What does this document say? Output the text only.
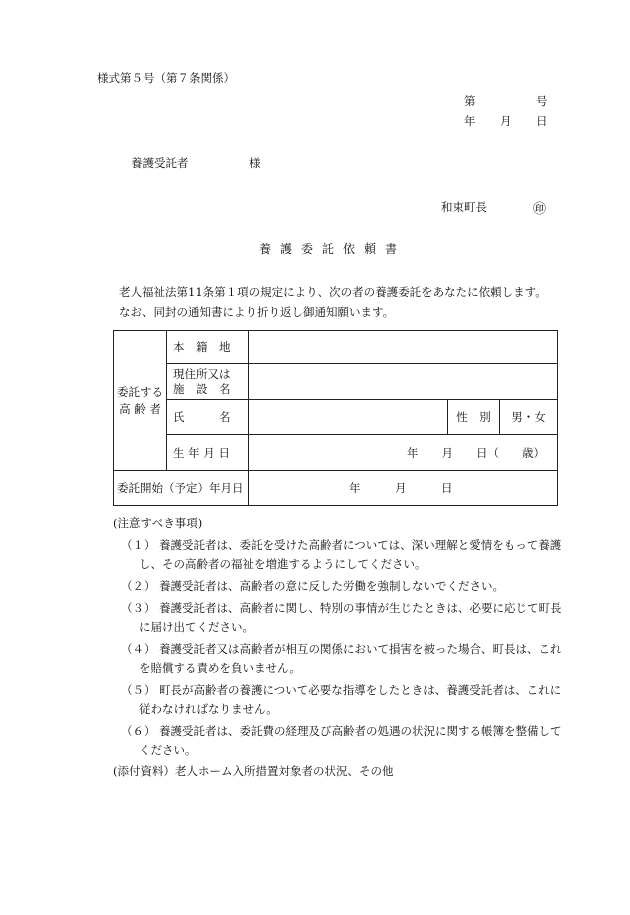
様式第５号（第７条関係）
第	号
年 月 日
養護受託者	様
和束町長	㊞
養護委託依頼書
老人福祉法第11条第１項の規定により、次の者の養護委託をあなたに依頼します。
なお、同封の通知書により折り返し御通知願います。
委託する
高 齢 者	本　籍　地			

	現住所又は
施　設　名			

	氏　　　名		性　別	男・女
	生 年 月 日	年　　月　　日（　　歳）		
委託開始（予定）年月日		年　　　月　　　日		
(注意すべき事項)
（１） 養護受託者は、委託を受けた高齢者については、深い理解と愛情をもって養護
し、その高齢者の福祉を増進するようにしてください。
（２） 養護受託者は、高齢者の意に反した労働を強制しないでください。
（３） 養護受託者は、高齢者に関し、特別の事情が生じたときは、必要に応じて町長
に届け出てください。
（４） 養護受託者又は高齢者が相互の関係において損害を被った場合、町長は、これ
を賠償する責めを負いません。
（５） 町長が高齢者の養護について必要な指導をしたときは、養護受託者は、これに
従わなければなりません。
（６） 養護受託者は、委託費の経理及び高齢者の処遇の状況に関する帳簿を整備して
ください。
(添付資料）老人ホーム入所措置対象者の状況、その他
